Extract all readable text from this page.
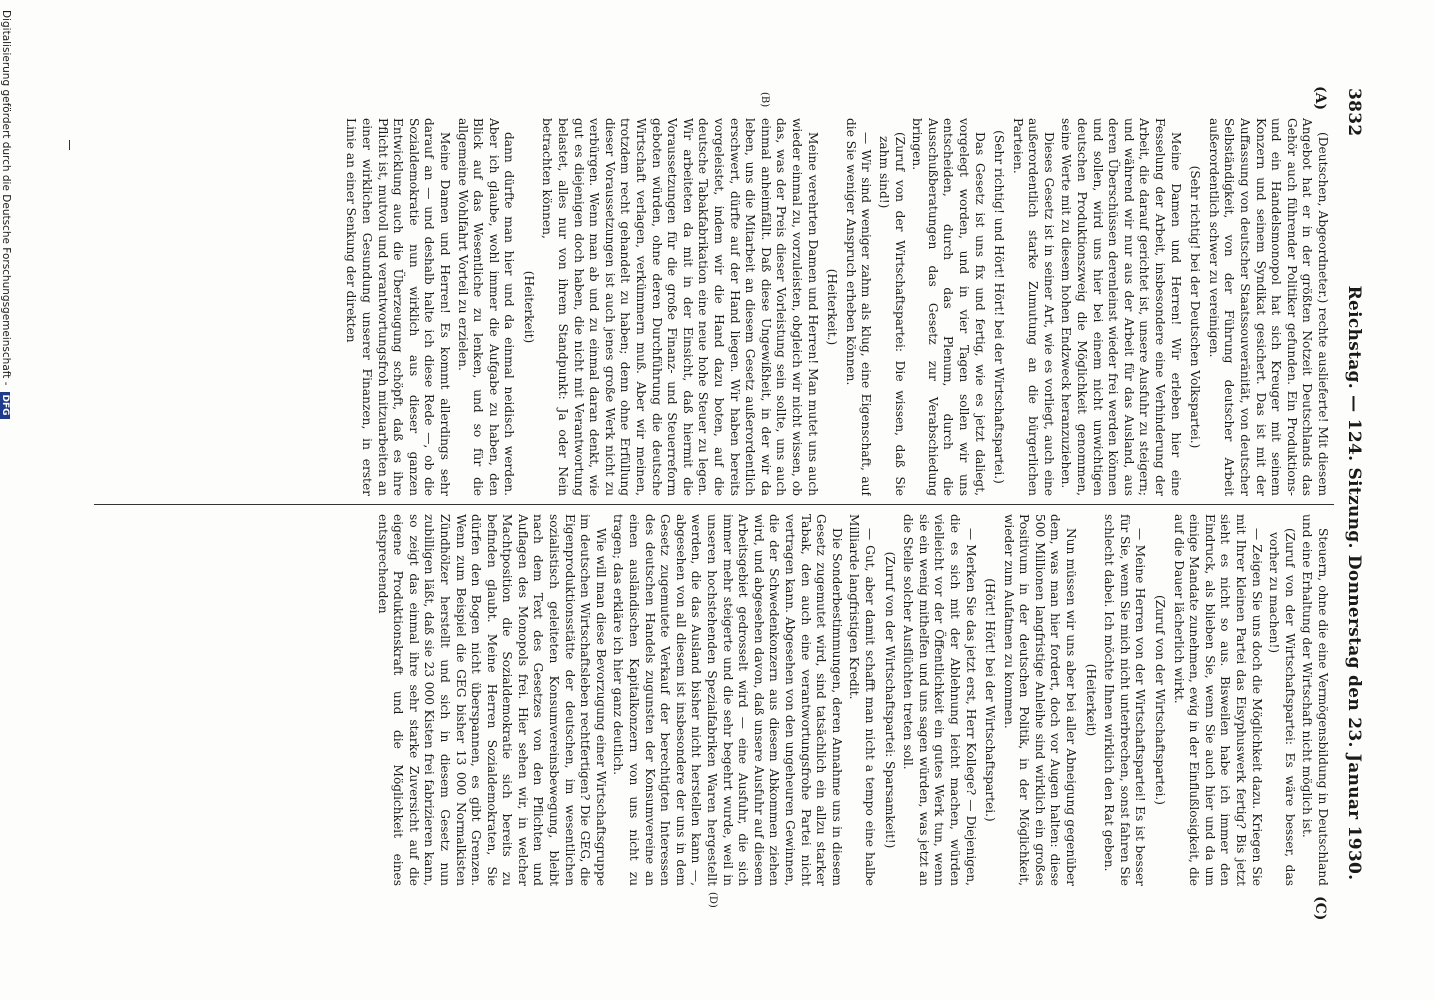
3832
Reichstag. — 124. Sitzung. Donnerstag den 23. Januar 1930.
(A)
(B)
(C)
(D)

(Deutschen, Abgeordneter.) rechte auslieferte! Mit diesem Angebot hat er in der größten Notzeit Deutschlands das Gehör auch führender Politiker gefunden. Ein Produktions- und ein Handelsmonopol hat sich Kreuger mit seinem Konzern und seinem Syndikat gesichert. Das ist mit der Auffassung von deutscher Staatssouveränität, von deutscher Selbständigkeit, von der Führung deutscher Arbeit außerordentlich schwer zu vereinigen.

(Sehr richtig! bei der Deutschen Volkspartei.)

Meine Damen und Herren! Wir erleben hier eine Fesselung der Arbeit, insbesondere eine Verhinderung der Arbeit, die darauf gerichtet ist, unsere Ausfuhr zu steigern; und während wir nur aus der Arbeit für das Ausland, aus deren Überschüssen derenleinst wieder frei werden können und sollen, wird uns hier bei einem nicht unwichtigen deutschen Produktionszweig die Möglichkeit genommen, seine Werte mit zu diesem hohen Endzweck heranzuziehen.

Dieses Gesetz ist in seiner Art, wie es vorliegt, auch eine außerordentlich starke Zumutung an die bürgerlichen Parteien.

(Sehr richtig! und Hört! Hört! bei der Wirtschaftspartei.)

Das Gesetz ist uns fix und fertig, wie es jetzt daliegt, vorgelegt worden, und in vier Tagen sollen wir uns entscheiden, durch das Plenum, durch die Ausschußberatungen das Gesetz zur Verabschiedung bringen.

(Zuruf von der Wirtschaftspartei: Die wissen, daß Sie zahm sind!)

— Wir sind weniger zahm als klug, eine Eigenschaft, auf die Sie weniger Anspruch erheben können.

(Heiterkeit.)

Meine verehrten Damen und Herren! Man mutet uns auch wieder einmal zu, vorzuleisten, obgleich wir nicht wissen, ob das, was der Preis dieser Vorleistung sein sollte, uns auch einmal anheimfällt. Daß diese Ungewißheit, in der wir da leben, uns die Mitarbeit an diesem Gesetz außerordentlich erschwert, dürfte auf der Hand liegen. Wir haben bereits vorgeleistet, indem wir die Hand dazu boten, auf die deutsche Tabakfabrikation eine neue hohe Steuer zu legen. Wir arbeiteten da mit in der Einsicht, daß hiermit die Voraussetzungen für die große Finanz- und Steuerreform geboten würden, ohne deren Durchführung die deutsche Wirtschaft verlagen, verkümmern muß. Aber wir meinen, trotzdem recht gehandelt zu haben; denn ohne Erfüllung dieser Voraussetzungen ist auch jenes große Werk nicht zu verbürgen. Wenn man ab und zu einmal daran denkt, wie gut es diejenigen doch haben, die nicht mit Verantwortung belastet, alles nur von ihrem Standpunkt: Ja oder Nein betrachten können,

(Heiterkeit)

dann dürfte man hier und da einmal neidisch werden. Aber ich glaube, wohl immer die Aufgabe zu haben, den Blick auf das Wesentliche zu lenken, und so für die allgemeine Wohlfahrt Vorteil zu erzielen.

Meine Damen und Herren! Es kommt allerdings sehr darauf an — und deshalb halte ich diese Rede —, ob die Sozialdemokratie nun wirklich aus dieser ganzen Entwicklung auch die Überzeugung schöpft, daß es ihre Pflicht ist, mutvoll und verantwortungsfroh mitzuarbeiten an einer wirklichen Gesundung unserer Finanzen, in erster Linie an einer Senkung der direkten

Steuern, ohne die eine Vermögensbildung in Deutschland und eine Erhaltung der Wirtschaft nicht möglich ist.

(Zuruf von der Wirtschaftspartei: Es wäre besser, das vorher zu machen!)

— Zeigen Sie uns doch die Möglichkeit dazu. Kriegen Sie mit Ihrer kleinen Partei das Eisyphuswerk fertig? Bis jetzt sieht es nicht so aus. Bisweilen habe ich immer den Eindruck, als blieben Sie, wenn Sie auch hier und da um einige Mandate zunehmen, ewig in der Einflußlosigkeit, die auf die Dauer lächerlich wirkt.

(Zuruf von der Wirtschaftspartei.)

— Meine Herren von der Wirtschaftspartei! Es ist besser für Sie, wenn Sie mich nicht unterbrechen, sonst fahren Sie schlecht dabei. Ich möchte Ihnen wirklich den Rat geben.

(Heiterkeit)

Nun müssen wir uns aber bei aller Abneigung gegenüber dem, was man hier fordert, doch vor Augen halten: diese 500 Millionen langfristige Anleihe sind wirklich ein großes Positivum in der deutschen Politik, in der Möglichkeit, wieder zum Aufatmen zu kommen.

(Hört! Hört! bei der Wirtschaftspartei.)

— Merken Sie das jetzt erst, Herr Kollege? — Diejenigen, die es sich mit der Ablehnung leicht machen, würden vielleicht vor der Öffentlichkeit ein gutes Werk tun, wenn sie ein wenig mithelfen und uns sagen würden, was jetzt an die Stelle solcher Ausflüchten treten soll.

(Zuruf von der Wirtschaftspartei: Sparsamkeit!)

— Gut, aber damit schafft man nicht a tempo eine halbe Milliarde langfristigen Kredit.

Die Sonderbestimmungen, deren Annahme uns in diesem Gesetz zugemutet wird, sind tatsächlich ein allzu starker Tabak, den auch eine verantwortungsfrohe Partei nicht vertragen kann. Abgesehen von den ungeheuren Gewinnen, die der Schwedenkonzern aus diesem Abkommen ziehen wird, und abgesehen davon, daß unsere Ausfuhr auf diesem Arbeitsgebiet gedrosselt wird — eine Ausfuhr, die sich immer mehr steigerte und die sehr begehrt wurde, weil in unseren hochstehenden Spezialfabriken Waren hergestellt werden, die das Ausland bisher nicht herstellen kann —, abgesehen von all diesem ist insbesondere der uns in dem Gesetz zugemutete Verkauf der berechtigten Interessen des deutschen Handels zugunsten der Konsumvereine an einen ausländischen Kapitalkonzern von uns nicht zu tragen; das erkläre ich hier ganz deutlich.

Wie will man diese Bevorzugung einer Wirtschaftsgruppe im deutschen Wirtschaftsleben rechtfertigen? Die GEG, die Eigenproduktionsstätte der deutschen, im wesentlichen sozialistisch geleiteten Konsumvereinsbewegung, bleibt nach dem Text des Gesetzes von den Pflichten und Auflagen des Monopols frei. Hier sehen wir, in welcher Machtposition die Sozialdemokratie sich bereits zu befinden glaubt. Meine Herren Sozialdemokraten, Sie dürfen den Bogen nicht überspannen, es gibt Grenzen. Wenn zum Beispiel die GEG bisher 13 000 Normalkisten Zündhölzer herstellt und sich in diesem Gesetz nun zubilligen läßt, daß sie 23 000 Kisten frei fabrizieren kann, so zeigt das einmal ihre sehr starke Zuversicht auf die eigene Produktionskraft und die Möglichkeit eines entsprechenden

Digitalisierung gefördert durch die Deutsche Forschungsgemeinschaft -DFG
